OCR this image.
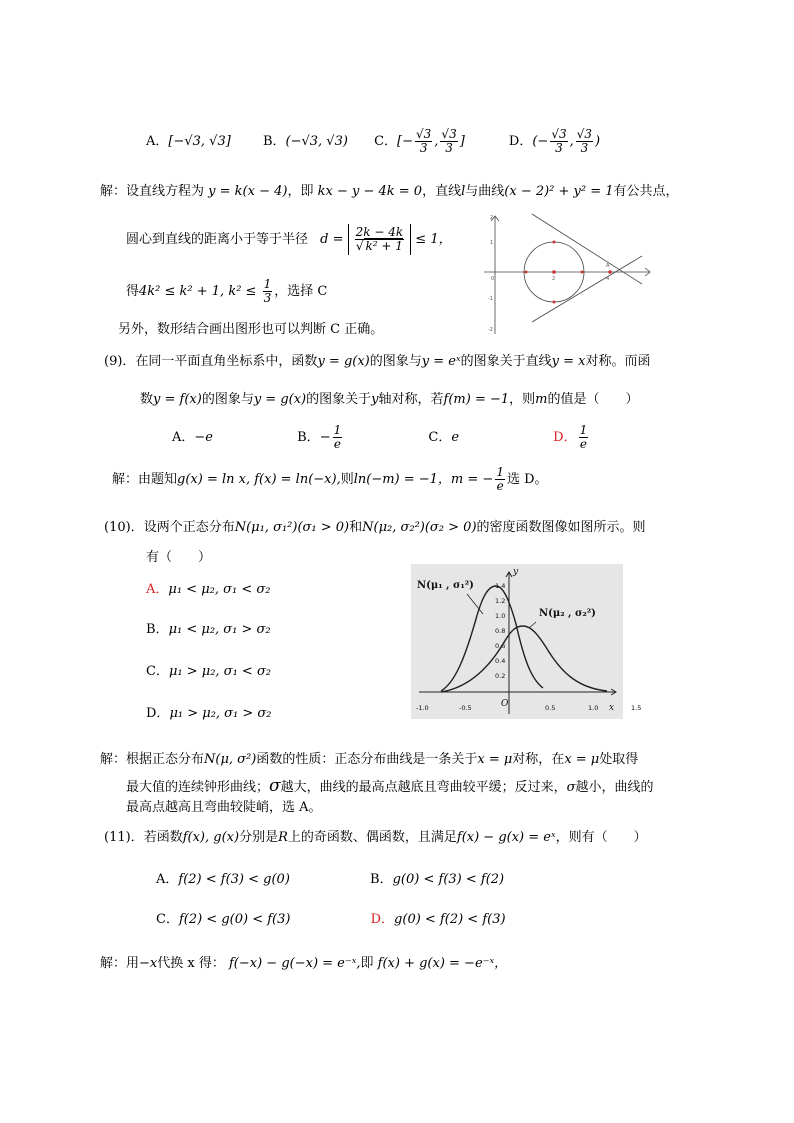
A．[−√3, √3] B．(−√3, √3) C．[− $\frac{√3}{3}$ , $\frac{√3}{3}$ ]	D．(− $\frac{√3}{3}$ , $\frac{√3}{3}$ )
解：设直线方程为 y = k(x − 4)，即 kx − y − 4k = 0，直线l与曲线(x − 2)² + y² = 1有公共点，
圆心到直线的距离小于等于半径 $d = \frac{2k - 4k}{\text{√ k² + 1}} \le 1$，
得4k² ≤ k² + 1, $k^2 \le \frac{1}{3}$ ，选择 C
另外，数形结合画出图形也可以判断 C 正确。
1
-1
2
-2
0	2	4
A
(9)．在同一平面直角坐标系中，函数y = g(x)的图象与y = eˣ的图象关于直线y = x对称。而函
数y = f(x)的图象与y = g(x)的图象关于y轴对称，若f(m) = −1，则m的值是（　　）
A．−e	B．− $\frac{1}{e}$	C．e	D． $\frac{1}{e}$
解：由题知g(x) = ln x, f(x) = ln(−x),则ln(−m) = −1，m = − $\frac{1}{e}$ 选 D。
(10)．设两个正态分布N(μ₁, σ₁²)(σ₁ > 0)和N(μ₂, σ₂²)(σ₂ > 0)的密度函数图像如图所示。则
有（　　）
A．μ₁ < μ₂, σ₁ < σ₂
B．μ₁ < μ₂, σ₁ > σ₂
C．μ₁ > μ₂, σ₁ < σ₂
D．μ₁ > μ₂, σ₁ > σ₂
y
x
O
N(μ₁ , σ₁²)
N(μ₂ , σ₂²)
1.4
1.2
1.0
0.8
0.6
0.4
0.2
-1.0	-0.5	0.5	1.0	1.5
解：根据正态分布N(μ, σ²)函数的性质：正态分布曲线是一条关于x = μ对称，在x = μ处取得
最大值的连续钟形曲线；σ越大，曲线的最高点越底且弯曲较平缓；反过来，σ越小，曲线的
最高点越高且弯曲较陡峭，选 A。
(11)．若函数f(x), g(x)分别是R上的奇函数、偶函数，且满足f(x) − g(x) = eˣ，则有（　　）
A．f(2) < f(3) < g(0)	B．g(0) < f(3) < f(2)
C．f(2) < g(0) < f(3)	D．g(0) < f(2) < f(3)
解：用−x代换 x 得： f(−x) − g(−x) = e⁻ˣ,即 f(x) + g(x) = −e⁻ˣ，
